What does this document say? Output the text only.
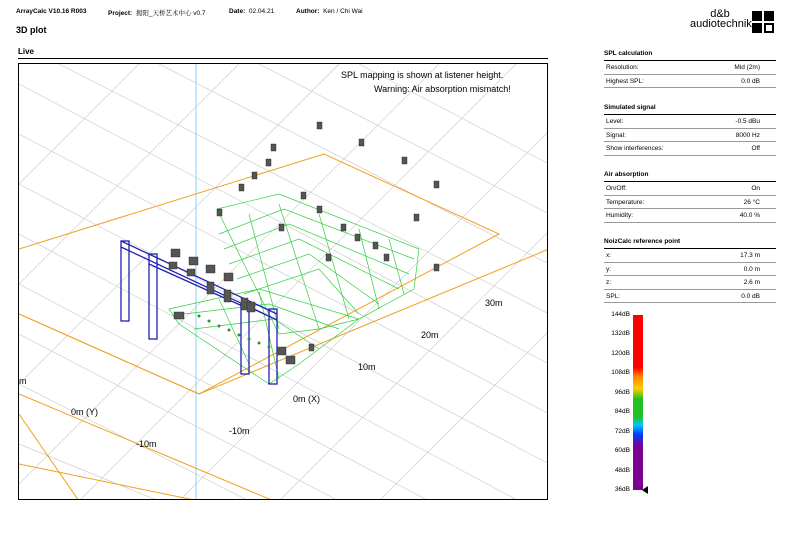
ArrayCalc V10.16 R003	Project: 揭阳_天桥艺术中心 v0.7	Date: 02.04.21	Author: Ken / Chi Wai
3D plot
d&b
audiotechnik
Live
SPL mapping is shown at listener height.
Warning: Air absorption mismatch!
30m
20m
10m
0m (X)
0m (Y)
-10m
-10m
m
SPL calculation
Resolution:	Mid (2m)
Highest SPL:	0.0 dB
Simulated signal
Level:	-0.5 dBu
Signal:	8000 Hz
Show interferences:	Off
Air absorption
On/Off:	On
Temperature:	26 °C
Humidity:	40.0 %
NoizCalc reference point
x:	17.3 m
y:	0.0 m
z:	2.6 m
SPL:	0.0 dB
144dB
132dB
120dB
108dB
96dB
84dB
72dB
60dB
48dB
36dB
